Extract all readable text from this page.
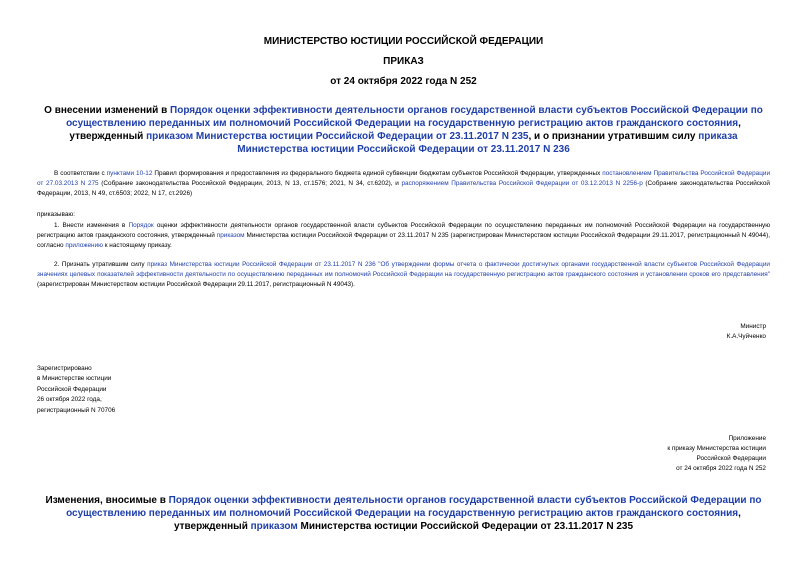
МИНИСТЕРСТВО ЮСТИЦИИ РОССИЙСКОЙ ФЕДЕРАЦИИ
ПРИКАЗ
от 24 октября 2022 года N 252
О внесении изменений в Порядок оценки эффективности деятельности органов государственной власти субъектов Российской Федерации по осуществлению переданных им полномочий Российской Федерации на государственную регистрацию актов гражданского состояния, утвержденный приказом Министерства юстиции Российской Федерации от 23.11.2017 N 235, и о признании утратившим силу приказа Министерства юстиции Российской Федерации от 23.11.2017 N 236
В соответствии с пунктами 10-12 Правил формирования и предоставления из федерального бюджета единой субвенции бюджетам субъектов Российской Федерации, утвержденных постановлением Правительства Российской Федерации от 27.03.2013 N 275 (Собрание законодательства Российской Федерации, 2013, N 13, ст.1576; 2021, N 34, ст.6202), и распоряжением Правительства Российской Федерации от 03.12.2013 N 2256-р (Собрание законодательства Российской Федерации, 2013, N 49, ст.6503; 2022, N 17, ст.2926)
приказываю:
1. Внести изменения в Порядок оценки эффективности деятельности органов государственной власти субъектов Российской Федерации по осуществлению переданных им полномочий Российской Федерации на государственную регистрацию актов гражданского состояния, утвержденный приказом Министерства юстиции Российской Федерации от 23.11.2017 N 235 (зарегистрирован Министерством юстиции Российской Федерации 29.11.2017, регистрационный N 49044), согласно приложению к настоящему приказу.
2. Признать утратившим силу приказ Министерства юстиции Российской Федерации от 23.11.2017 N 236 "Об утверждении формы отчета о фактически достигнутых органами государственной власти субъектов Российской Федерации значениях целевых показателей эффективности деятельности по осуществлению переданных им полномочий Российской Федерации на государственную регистрацию актов гражданского состояния и установлении сроков его представления" (зарегистрирован Министерством юстиции Российской Федерации 29.11.2017, регистрационный N 49043).
Министр
К.А.Чуйченко
Зарегистрировано
в Министерстве юстиции
Российской Федерации
26 октября 2022 года,
регистрационный N 70706
Приложение
к приказу Министерства юстиции
Российской Федерации
от 24 октября 2022 года N 252
Изменения, вносимые в Порядок оценки эффективности деятельности органов государственной власти субъектов Российской Федерации по осуществлению переданных им полномочий Российской Федерации на государственную регистрацию актов гражданского состояния, утвержденный приказом Министерства юстиции Российской Федерации от 23.11.2017 N 235
